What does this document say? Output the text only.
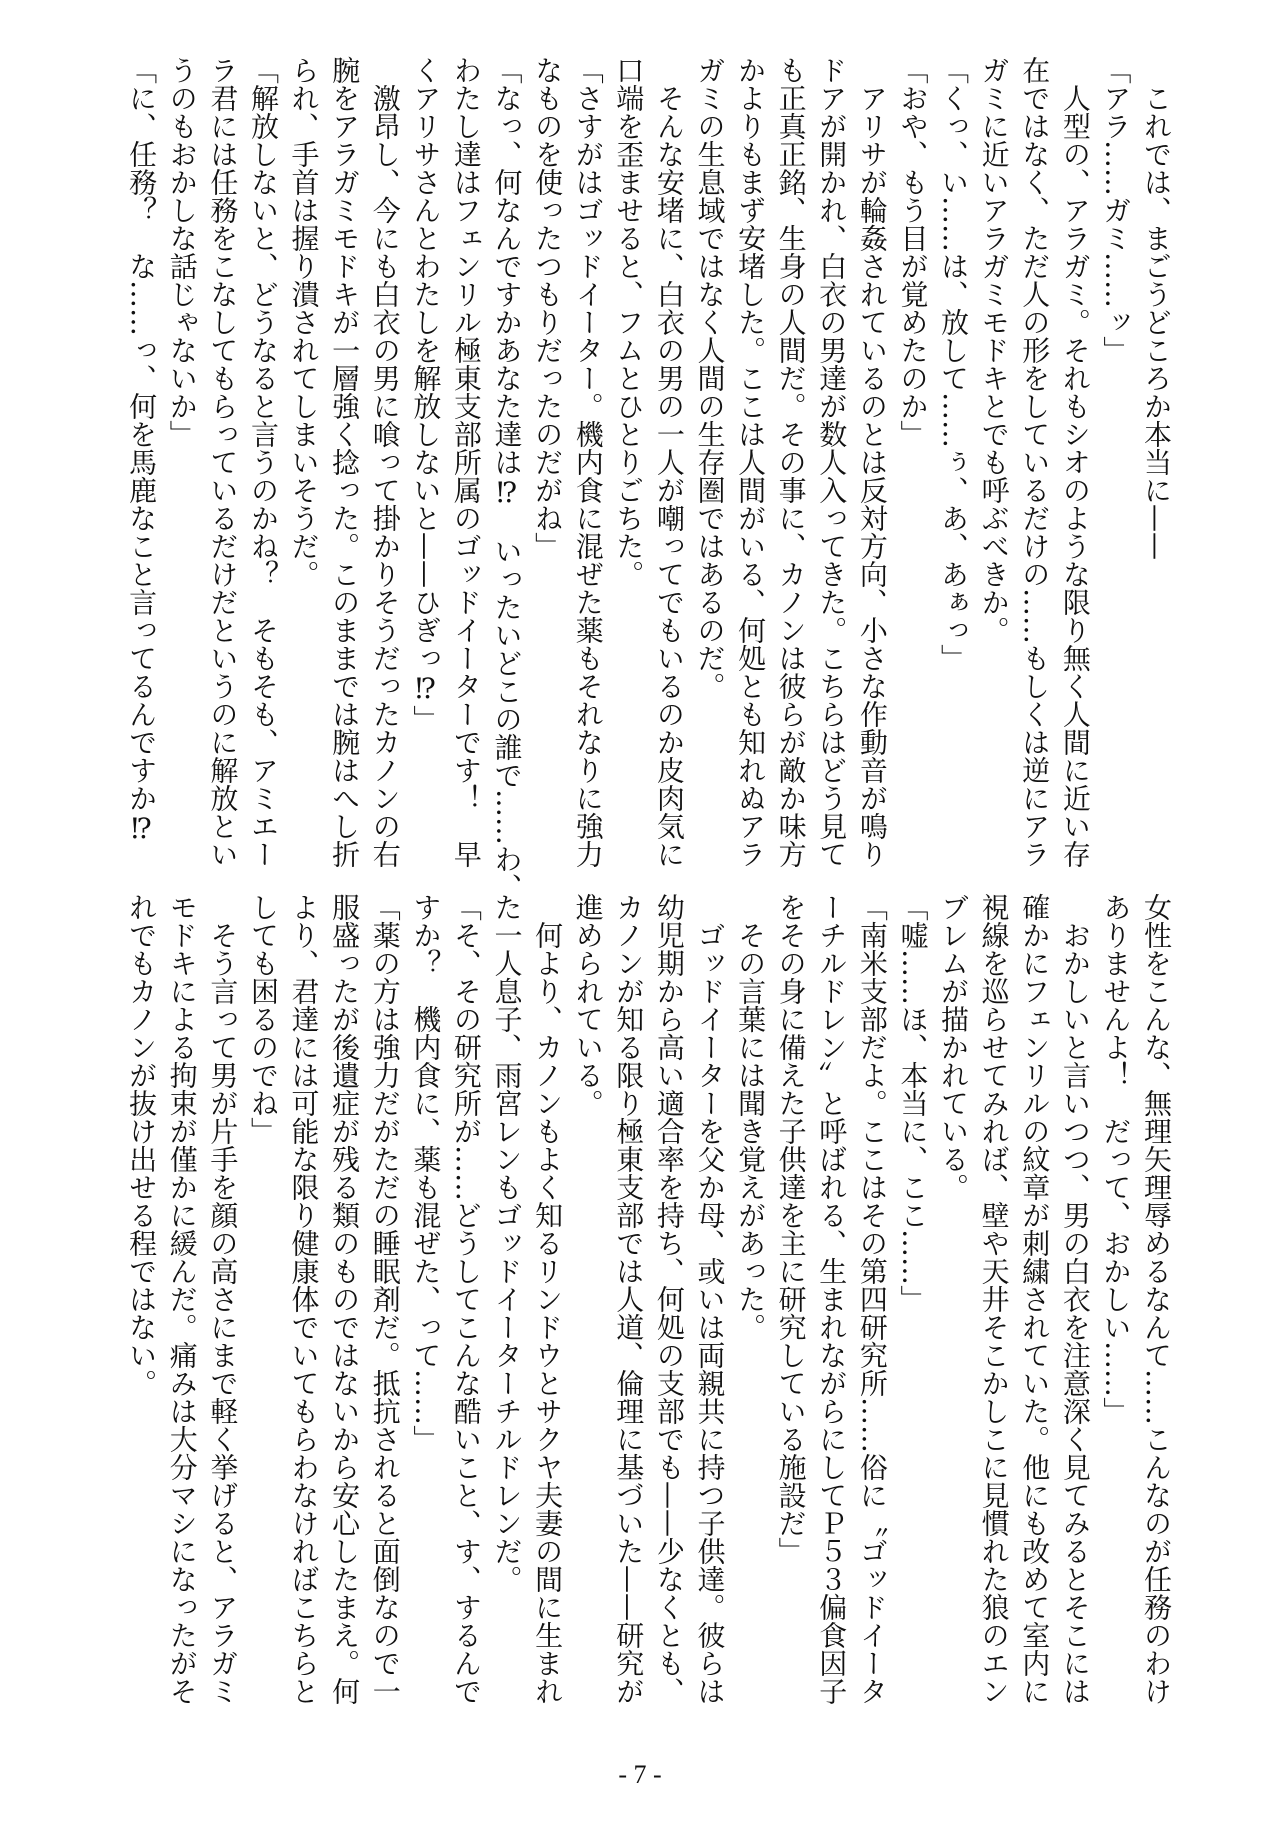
　これでは、まごうどころか本当に——
「アラ……ガミ……ッ」
　人型の、アラガミ。それもシオのような限り無く人間に近い存
在ではなく、ただ人の形をしているだけの……もしくは逆にアラ
ガミに近いアラガミモドキとでも呼ぶべきか。
「くっ、い……は、放して……ぅ、あ、あぁっ」
「おや、もう目が覚めたのか」
　アリサが輪姦されているのとは反対方向、小さな作動音が鳴り
ドアが開かれ、白衣の男達が数人入ってきた。こちらはどう見て
も正真正銘、生身の人間だ。その事に、カノンは彼らが敵か味方
かよりもまず安堵した。ここは人間がいる、何処とも知れぬアラ
ガミの生息域ではなく人間の生存圏ではあるのだ。
　そんな安堵に、白衣の男の一人が嘲ってでもいるのか皮肉気に
口端を歪ませると、フムとひとりごちた。
「さすがはゴッドイーター。機内食に混ぜた薬もそれなりに強力
なものを使ったつもりだったのだがね」
「なっ、何なんですかあなた達は⁉　いったいどこの誰で……わ、
わたし達はフェンリル極東支部所属のゴッドイーターです！　早
くアリサさんとわたしを解放しないと——ひぎっ⁉」
　激昂し、今にも白衣の男に喰って掛かりそうだったカノンの右
腕をアラガミモドキが一層強く捻った。このままでは腕はへし折
られ、手首は握り潰されてしまいそうだ。
「解放しないと、どうなると言うのかね？　そもそも、アミエー
ラ君には任務をこなしてもらっているだけだというのに解放とい
うのもおかしな話じゃないか」
「に、任務？　な……っ、何を馬鹿なこと言ってるんですか⁉
女性をこんな、無理矢理辱めるなんて……こんなのが任務のわけ
ありませんよ！　だって、おかしい……」
　おかしいと言いつつ、男の白衣を注意深く見てみるとそこには
確かにフェンリルの紋章が刺繍されていた。他にも改めて室内に
視線を巡らせてみれば、壁や天井そこかしこに見慣れた狼のエン
ブレムが描かれている。
「嘘……ほ、本当に、ここ……」
「南米支部だよ。ここはその第四研究所……俗に〝ゴッドイータ
ーチルドレン〟と呼ばれる、生まれながらにしてＰ５３偏食因子
をその身に備えた子供達を主に研究している施設だ」
　その言葉には聞き覚えがあった。
　ゴッドイーターを父か母、或いは両親共に持つ子供達。彼らは
幼児期から高い適合率を持ち、何処の支部でも——少なくとも、
カノンが知る限り極東支部では人道、倫理に基づいた——研究が
進められている。
　何より、カノンもよく知るリンドウとサクヤ夫妻の間に生まれ
た一人息子、雨宮レンもゴッドイーターチルドレンだ。
「そ、その研究所が……どうしてこんな酷いこと、す、するんで
すか？　機内食に、薬も混ぜた、って……」
「薬の方は強力だがただの睡眠剤だ。抵抗されると面倒なので一
服盛ったが後遺症が残る類のものではないから安心したまえ。何
より、君達には可能な限り健康体でいてもらわなければこちらと
しても困るのでね」
　そう言って男が片手を顔の高さにまで軽く挙げると、アラガミ
モドキによる拘束が僅かに緩んだ。痛みは大分マシになったがそ
れでもカノンが抜け出せる程ではない。
- 7 -
